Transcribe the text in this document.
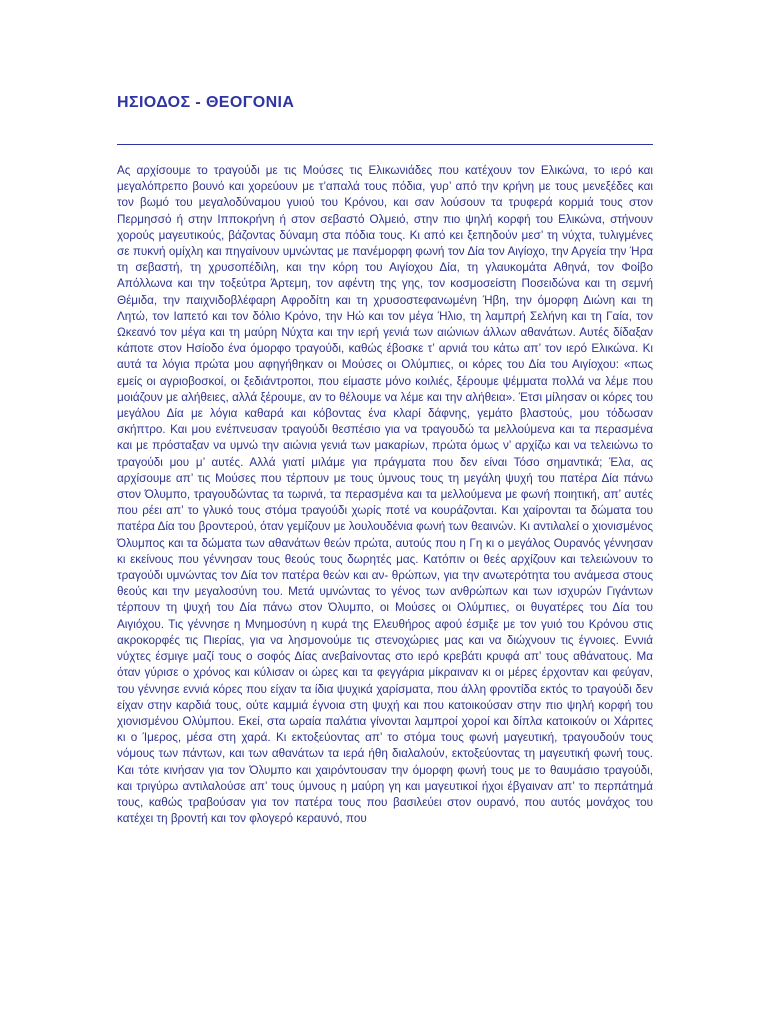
ΗΣΙΟΔΟΣ - ΘΕΟΓΟΝΙΑ

Ας αρχίσουμε το τραγούδι με τις Μούσες τις Ελικωνιάδες που κατέχουν τον Ελικώνα, το ιερό και μεγαλόπρεπο βουνό και χορεύουν με τ’απαλά τους πόδια, γυρ’ από την κρήνη με τους μενεξέδες και τον βωμό του μεγαλοδύναμου γυιού του Κρόνου, και σαν λούσουν τα τρυφερά κορμιά τους στον Περμησσό ή στην Ιπποκρήνη ή στον σεβαστό Ολμειό, στην πιο ψηλή κορφή του Ελικώνα, στήνουν χορούς μαγευτικούς, βάζοντας δύναμη στα πόδια τους. Κι από κει ξεπηδούν μεσ’ τη νύχτα, τυλιγμένες σε πυκνή ομίχλη και πηγαίνουν υμνώντας με πανέμορφη φωνή τον Δία τον Αιγίοχο, την Αργεία την Ήρα τη σεβαστή, τη χρυσοπέδιλη, και την κόρη του Αιγίοχου Δία, τη γλαυκομάτα Αθηνά, τον Φοίβο Απόλλωνα και την τοξεύτρα Άρτεμη, τον αφέντη της γης, τον κοσμοσείστη Ποσειδώνα και τη σεμνή Θέμιδα, την παιχνιδοβλέφαρη Αφροδίτη και τη χρυσοστεφανωμένη Ήβη, την όμορφη Διώνη και τη Λητώ, τον Ιαπετό και τον δόλιο Κρόνο, την Ηώ και τον μέγα Ήλιο, τη λαμπρή Σελήνη και τη Γαία, τον Ωκεανό τον μέγα και τη μαύρη Νύχτα και την ιερή γενιά των αιώνιων άλλων αθανάτων. Αυτές δίδαξαν κάποτε στον Ησίοδο ένα όμορφο τραγούδι, καθώς έβοσκε τ’ αρνιά του κάτω απ’ τον ιερό Ελικώνα. Κι αυτά τα λόγια πρώτα μου αφηγήθηκαν οι Μούσες οι Ολύμπιες, οι κόρες του Δία του Αιγίοχου: «πως εμείς οι αγριοβοσκοί, οι ξεδιάντροποι, που είμαστε μόνο κοιλιές, ξέρουμε ψέμματα πολλά να λέμε που μοιάζουν με αλήθειες, αλλά ξέρουμε, αν το θέλουμε να λέμε και την αλήθεια». Έτσι μίλησαν οι κόρες του μεγάλου Δία με λόγια καθαρά και κόβοντας ένα κλαρί δάφνης, γεμάτο βλαστούς, μου τόδωσαν σκήπτρο. Και μου ενέπνευσαν τραγούδι θεσπέσιο για να τραγουδώ τα μελλούμενα και τα περασμένα και με πρόσταξαν να υμνώ την αιώνια γενιά των μακαρίων, πρώτα όμως ν’ αρχίζω και να τελειώνω το τραγούδι μου μ’ αυτές. Αλλά γιατί μιλάμε για πράγματα που δεν είναι Τόσο σημαντικά; Έλα, ας αρχίσουμε απ’ τις Μούσες που τέρπουν με τους ύμνους τους τη μεγάλη ψυχή του πατέρα Δία πάνω στον Όλυμπο, τραγουδώντας τα τωρινά, τα περασμένα και τα μελλούμενα με φωνή ποιητική, απ’ αυτές που ρέει απ’ το γλυκό τους στόμα τραγούδι χωρίς ποτέ να κουράζονται. Και χαίρονται τα δώματα του πατέρα Δία του βροντερού, όταν γεμίζουν με λουλουδένια φωνή των θεαινών. Κι αντιλαλεί ο χιονισμένος Όλυμπος και τα δώματα των αθανάτων θεών πρώτα, αυτούς που η Γη κι ο μεγάλος Ουρανός γέννησαν κι εκείνους που γέννησαν τους θεούς τους δωρητές μας. Κατόπιν οι θεές αρχίζουν και τελειώνουν το τραγούδι υμνώντας τον Δία τον πατέρα θεών και αν- θρώπων, για την ανωτερότητα του ανάμεσα στους θεούς και την μεγαλοσύνη του. Μετά υμνώντας το γένος των ανθρώπων και των ισχυρών Γιγάντων τέρπουν τη ψυχή του Δία πάνω στον Όλυμπο, οι Μούσες οι Ολύμπιες, οι θυγατέρες του Δία του Αιγιόχου. Τις γέννησε η Μνημοσύνη η κυρά της Ελευθήρος αφού έσμιξε με τον γυιό του Κρόνου στις ακροκορφές τις Πιερίας, για να λησμονούμε τις στενοχώριες μας και να διώχνουν τις έγνοιες. Εννιά νύχτες έσμιγε μαζί τους ο σοφός Δίας ανεβαίνοντας στο ιερό κρεβάτι κρυφά απ’ τους αθάνατους. Μα όταν γύρισε ο χρόνος και κύλισαν οι ώρες και τα φεγγάρια μίκραιναν κι οι μέρες έρχονταν και φεύγαν, του γέννησε εννιά κόρες που είχαν τα ίδια ψυχικά χαρίσματα, που άλλη φροντίδα εκτός το τραγούδι δεν είχαν στην καρδιά τους, ούτε καμμιά έγνοια στη ψυχή και που κατοικούσαν στην πιο ψηλή κορφή του χιονισμένου Ολύμπου. Εκεί, στα ωραία παλάτια γίνονται λαμπροί χοροί και δίπλα κατοικούν οι Χάριτες κι ο Ίμερος, μέσα στη χαρά. Κι εκτοξεύοντας απ’ το στόμα τους φωνή μαγευτική, τραγουδούν τους νόμους των πάντων, και των αθανάτων τα ιερά ήθη διαλαλούν, εκτοξεύοντας τη μαγευτική φωνή τους. Και τότε κινήσαν για τον Όλυμπο και χαιρόντουσαν την όμορφη φωνή τους με το θαυμάσιο τραγούδι, και τριγύρω αντιλαλούσε απ’ τους ύμνους η μαύρη γη και μαγευτικοί ήχοι έβγαιναν απ’ το περπάτημά τους, καθώς τραβούσαν για τον πατέρα τους που βασιλεύει στον ουρανό, που αυτός μονάχος του κατέχει τη βροντή και τον φλογερό κεραυνό, που
